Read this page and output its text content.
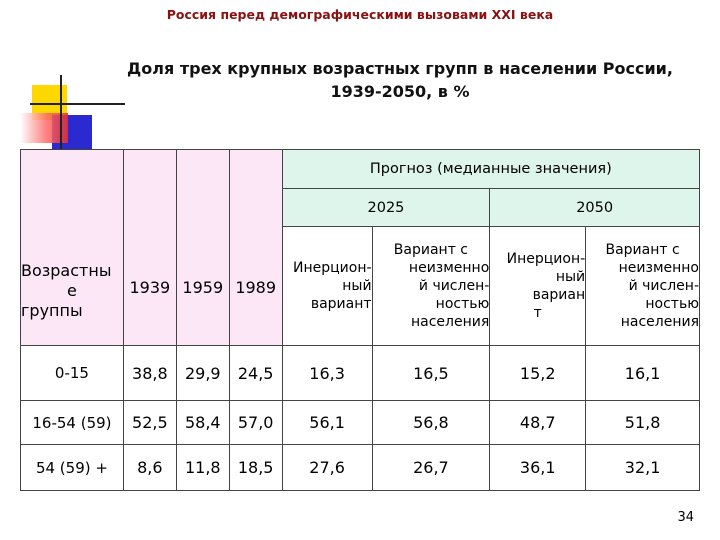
Россия перед демографическими вызовами XXI века
Доля трех крупных возрастных групп в населении России,
1939-2050, в %
Возрастны
е
группы	1939	1959	1989	Прогноз (медианные значения)			
				2025		2050	

				Инерцион-
ный
вариант	Вариант с
неизменно
й числен-
ностью
населения	Инерцион-
ный
вариан
т	Вариант с
неизменно
й числен-
ностью
населения

0-15	38,8	29,9	24,5	16,3	16,5	15,2	16,1
16-54 (59)	52,5	58,4	57,0	56,1	56,8	48,7	51,8
54 (59) +	8,6	11,8	18,5	27,6	26,7	36,1	32,1
34
